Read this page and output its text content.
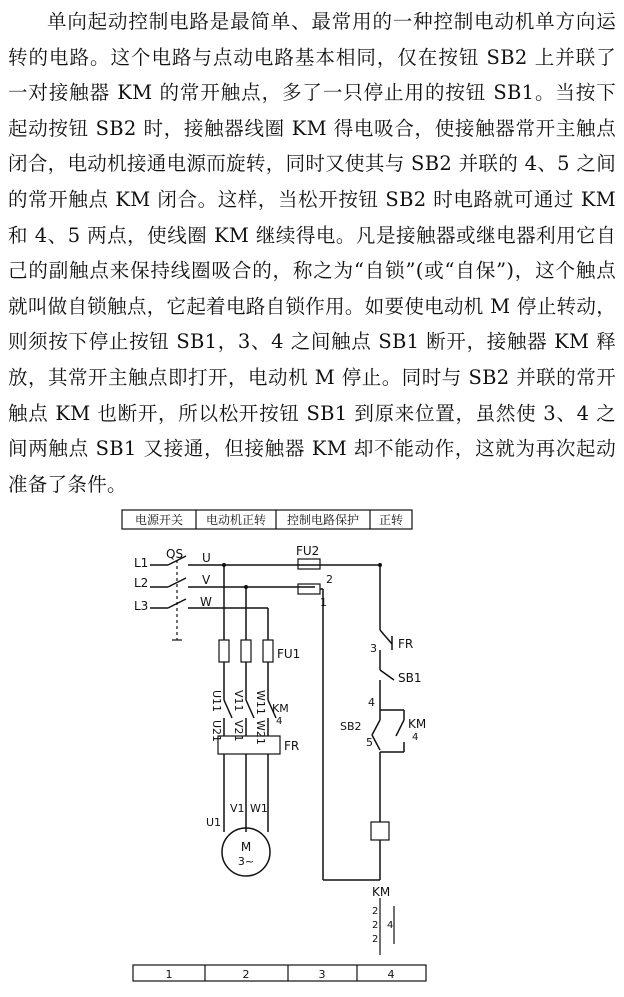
单向起动控制电路是最简单、最常用的一种控制电动机单方向运转的电路。这个电路与点动电路基本相同，仅在按钮 SB2 上并联了一对接触器 KM 的常开触点，多了一只停止用的按钮 SB1。当按下起动按钮 SB2 时，接触器线圈 KM 得电吸合，使接触器常开主触点闭合，电动机接通电源而旋转，同时又使其与 SB2 并联的 4、5 之间的常开触点 KM 闭合。这样，当松开按钮 SB2 时电路就可通过 KM 和 4、5 两点，使线圈 KM 继续得电。凡是接触器或继电器利用它自己的副触点来保持线圈吸合的，称之为“自锁”(或“自保”)，这个触点就叫做自锁触点，它起着电路自锁作用。如要使电动机 M 停止转动，则须按下停止按钮 SB1，3、4 之间触点 SB1 断开，接触器 KM 释放，其常开主触点即打开，电动机 M 停止。同时与 SB2 并联的常开触点 KM 也断开，所以松开按钮 SB1 到原来位置，虽然使 3、4 之间两触点 SB1 又接通，但接触器 KM 却不能动作，这就为再次起动准备了条件。

电源开关 电动机正转 控制电路保护 正转
L1
L2
L3
QS U
V
W
FU2
2
1
FU1
U11 V11 W11 KM
4
U21 V21 W21
FR
U1
V1 W1
M
3~
FR
3
SB1
4
SB2
5
KM
4
KM
2
2
2
4
1	2	3	4
